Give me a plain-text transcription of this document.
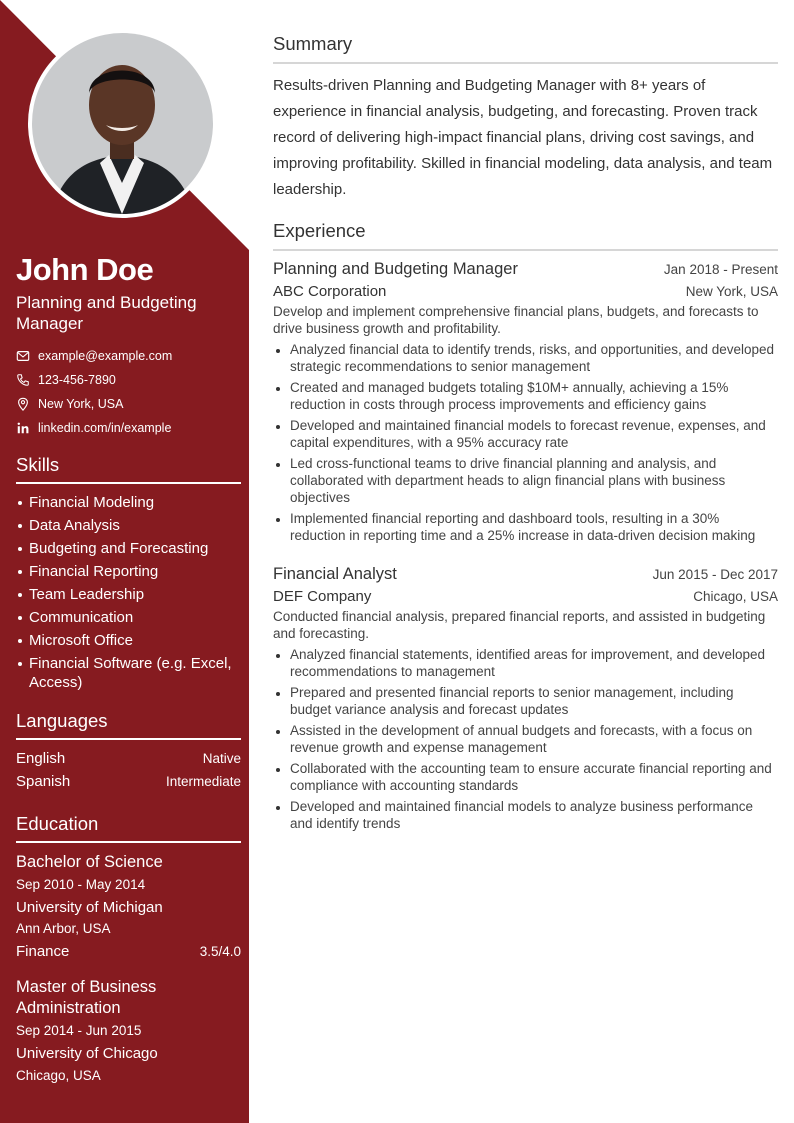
John Doe

Planning and Budgeting Manager

example@example.com
123-456-7890
New York, USA
linkedin.com/in/example
Skills
Financial Modeling
Data Analysis
Budgeting and Forecasting
Financial Reporting
Team Leadership
Communication
Microsoft Office
Financial Software (e.g. Excel, Access)
Languages
English	Native
Spanish	Intermediate
Education

Bachelor of Science

Sep 2010 - May 2014

University of Michigan

Ann Arbor, USA

Finance	3.5/4.0

Master of Business Administration

Sep 2014 - Jun 2015

University of Chicago

Chicago, USA

Summary

Results-driven Planning and Budgeting Manager with 8+ years of experience in financial analysis, budgeting, and forecasting. Proven track record of delivering high-impact financial plans, driving cost savings, and improving profitability. Skilled in financial modeling, data analysis, and team leadership.

Experience
Planning and Budgeting Manager	Jan 2018 - Present
ABC Corporation	New York, USA

Develop and implement comprehensive financial plans, budgets, and forecasts to drive business growth and profitability.

Analyzed financial data to identify trends, risks, and opportunities, and developed strategic recommendations to senior management
Created and managed budgets totaling $10M+ annually, achieving a 15% reduction in costs through process improvements and efficiency gains
Developed and maintained financial models to forecast revenue, expenses, and capital expenditures, with a 95% accuracy rate
Led cross-functional teams to drive financial planning and analysis, and collaborated with department heads to align financial plans with business objectives
Implemented financial reporting and dashboard tools, resulting in a 30% reduction in reporting time and a 25% increase in data-driven decision making
Financial Analyst	Jun 2015 - Dec 2017
DEF Company	Chicago, USA

Conducted financial analysis, prepared financial reports, and assisted in budgeting and forecasting.

Analyzed financial statements, identified areas for improvement, and developed recommendations to management
Prepared and presented financial reports to senior management, including budget variance analysis and forecast updates
Assisted in the development of annual budgets and forecasts, with a focus on revenue growth and expense management
Collaborated with the accounting team to ensure accurate financial reporting and compliance with accounting standards
Developed and maintained financial models to analyze business performance and identify trends
